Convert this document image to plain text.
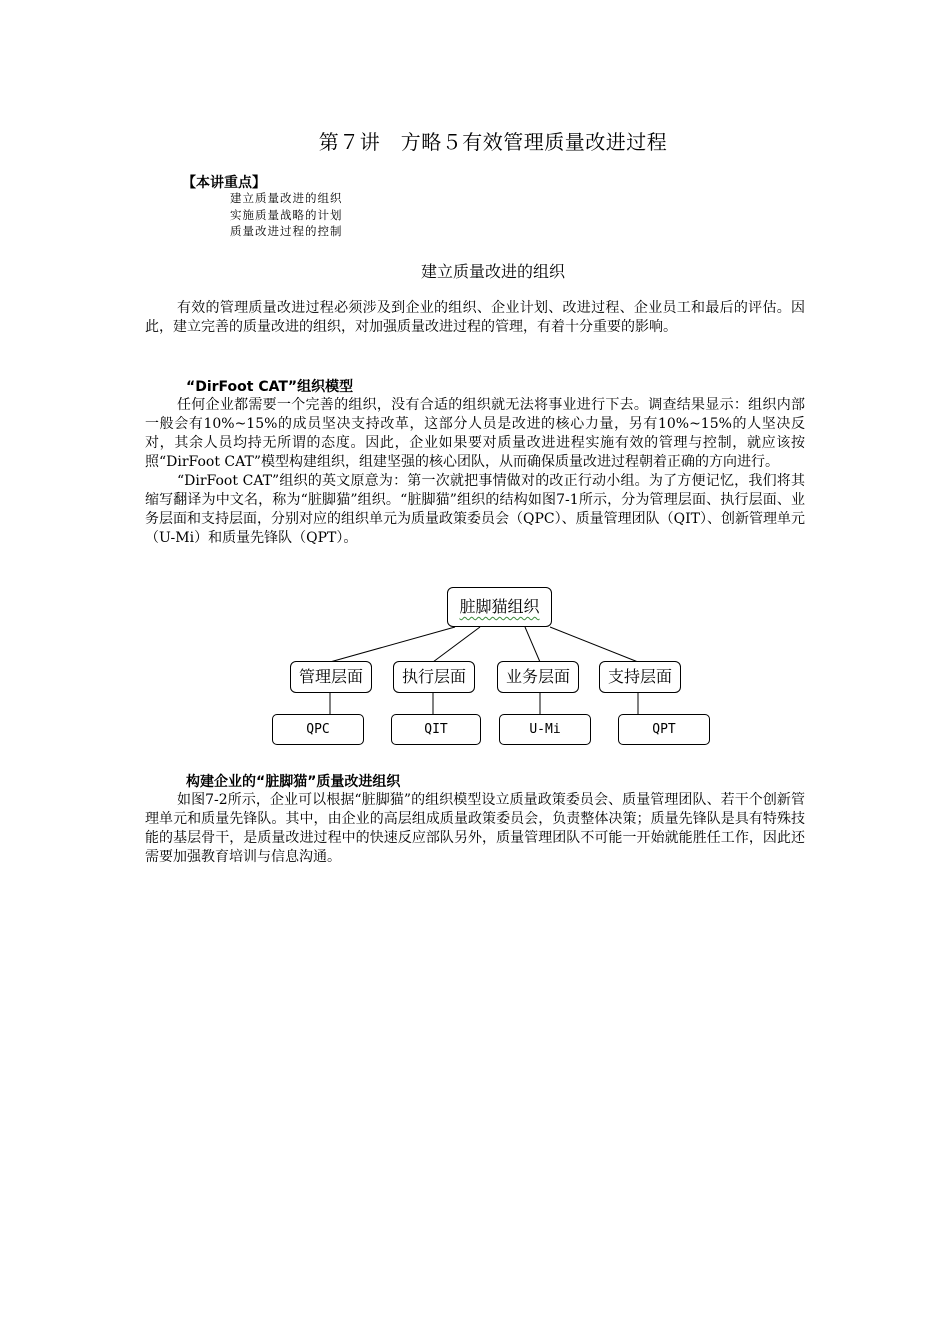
第７讲　方略５有效管理质量改进过程
【本讲重点】
建立质量改进的组织
实施质量战略的计划
质量改进过程的控制
建立质量改进的组织

有效的管理质量改进过程必须涉及到企业的组织、企业计划、改进过程、企业员工和最后的评估。因此，建立完善的质量改进的组织，对加强质量改进过程的管理，有着十分重要的影响。

“DirFoot CAT”组织模型

任何企业都需要一个完善的组织，没有合适的组织就无法将事业进行下去。调查结果显示：组织内部一般会有10%~15%的成员坚决支持改革，这部分人员是改进的核心力量，另有10%~15%的人坚决反对，其余人员均持无所谓的态度。因此，企业如果要对质量改进进程实施有效的管理与控制，就应该按照“DirFoot CAT”模型构建组织，组建坚强的核心团队，从而确保质量改进过程朝着正确的方向进行。

“DirFoot CAT”组织的英文原意为：第一次就把事情做对的改正行动小组。为了方便记忆，我们将其缩写翻译为中文名，称为“脏脚猫”组织。“脏脚猫”组织的结构如图7-1所示，分为管理层面、执行层面、业务层面和支持层面，分别对应的组织单元为质量政策委员会（QPC）、质量管理团队（QIT）、创新管理单元（U-Mi）和质量先锋队（QPT）。

脏脚猫组织
管理层面	执行层面	业务层面	支持层面
QPC	QIT	U-Mi	QPT
构建企业的“脏脚猫”质量改进组织

如图7-2所示，企业可以根据“脏脚猫”的组织模型设立质量政策委员会、质量管理团队、若干个创新管理单元和质量先锋队。其中，由企业的高层组成质量政策委员会，负责整体决策；质量先锋队是具有特殊技能的基层骨干，是质量改进过程中的快速反应部队另外，质量管理团队不可能一开始就能胜任工作，因此还需要加强教育培训与信息沟通。
